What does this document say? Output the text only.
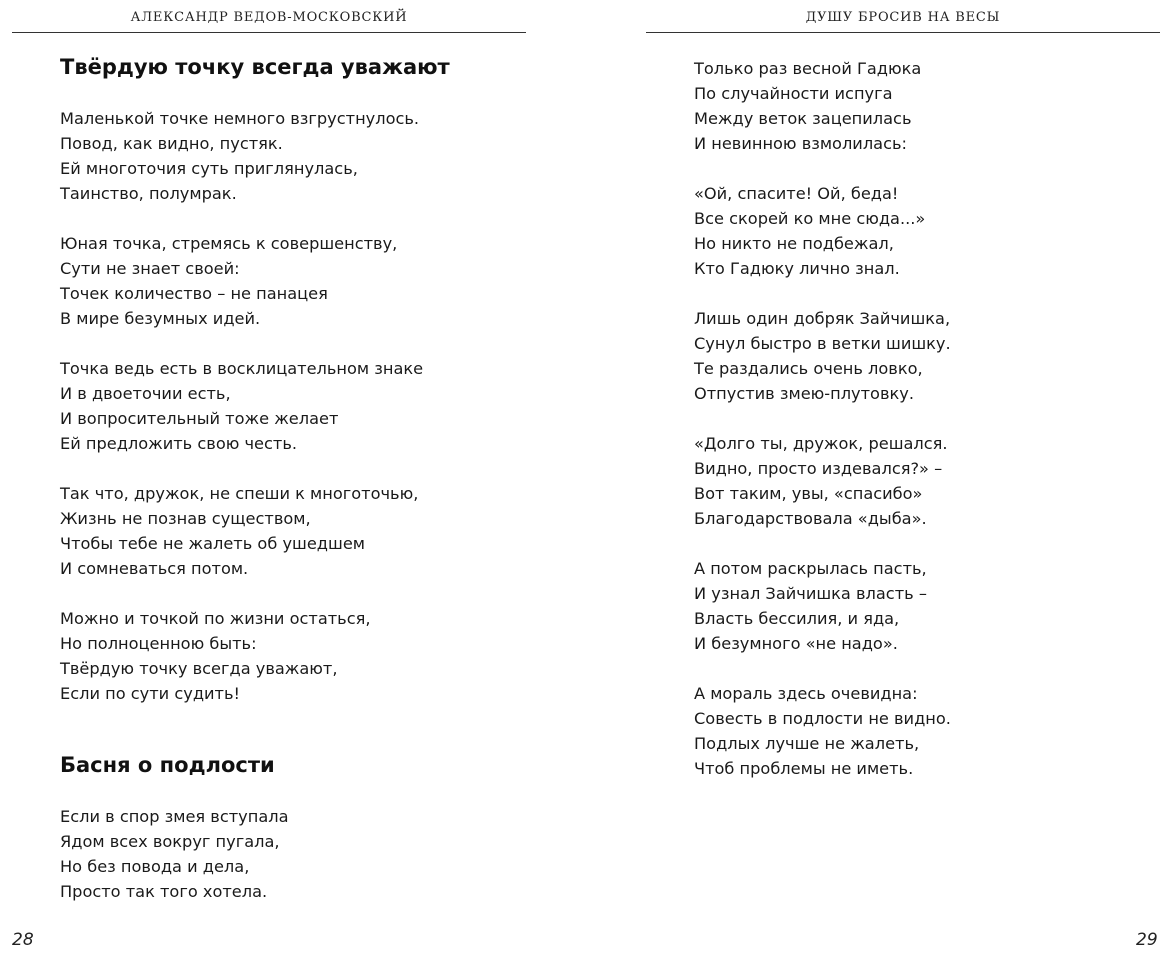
АЛЕКСАНДР ВЕДОВ-МОСКОВСКИЙ
Твёрдую точку всегда уважают
Маленькой точке немного взгрустнулось.
Повод, как видно, пустяк.
Ей многоточия суть приглянулась,
Таинство, полумрак.
Юная точка, стремясь к совершенству,
Сути не знает своей:
Точек количество – не панацея
В мире безумных идей.
Точка ведь есть в восклицательном знаке
И в двоеточии есть,
И вопросительный тоже желает
Ей предложить свою честь.
Так что, дружок, не спеши к многоточью,
Жизнь не познав существом,
Чтобы тебе не жалеть об ушедшем
И сомневаться потом.
Можно и точкой по жизни остаться,
Но полноценною быть:
Твёрдую точку всегда уважают,
Если по сути судить!
Басня о подлости
Если в спор змея вступала
Ядом всех вокруг пугала,
Но без повода и дела,
Просто так того хотела.
28
ДУШУ БРОСИВ НА ВЕСЫ
Только раз весной Гадюка
По случайности испуга
Между веток зацепилась
И невинною взмолилась:
«Ой, спасите! Ой, беда!
Все скорей ко мне сюда...»
Но никто не подбежал,
Кто Гадюку лично знал.
Лишь один добряк Зайчишка,
Сунул быстро в ветки шишку.
Те раздались очень ловко,
Отпустив змею-плутовку.
«Долго ты, дружок, решался.
Видно, просто издевался?» –
Вот таким, увы, «спасибо»
Благодарствовала «дыба».
А потом раскрылась пасть,
И узнал Зайчишка власть –
Власть бессилия, и яда,
И безумного «не надо».
А мораль здесь очевидна:
Совесть в подлости не видно.
Подлых лучше не жалеть,
Чтоб проблемы не иметь.
29
